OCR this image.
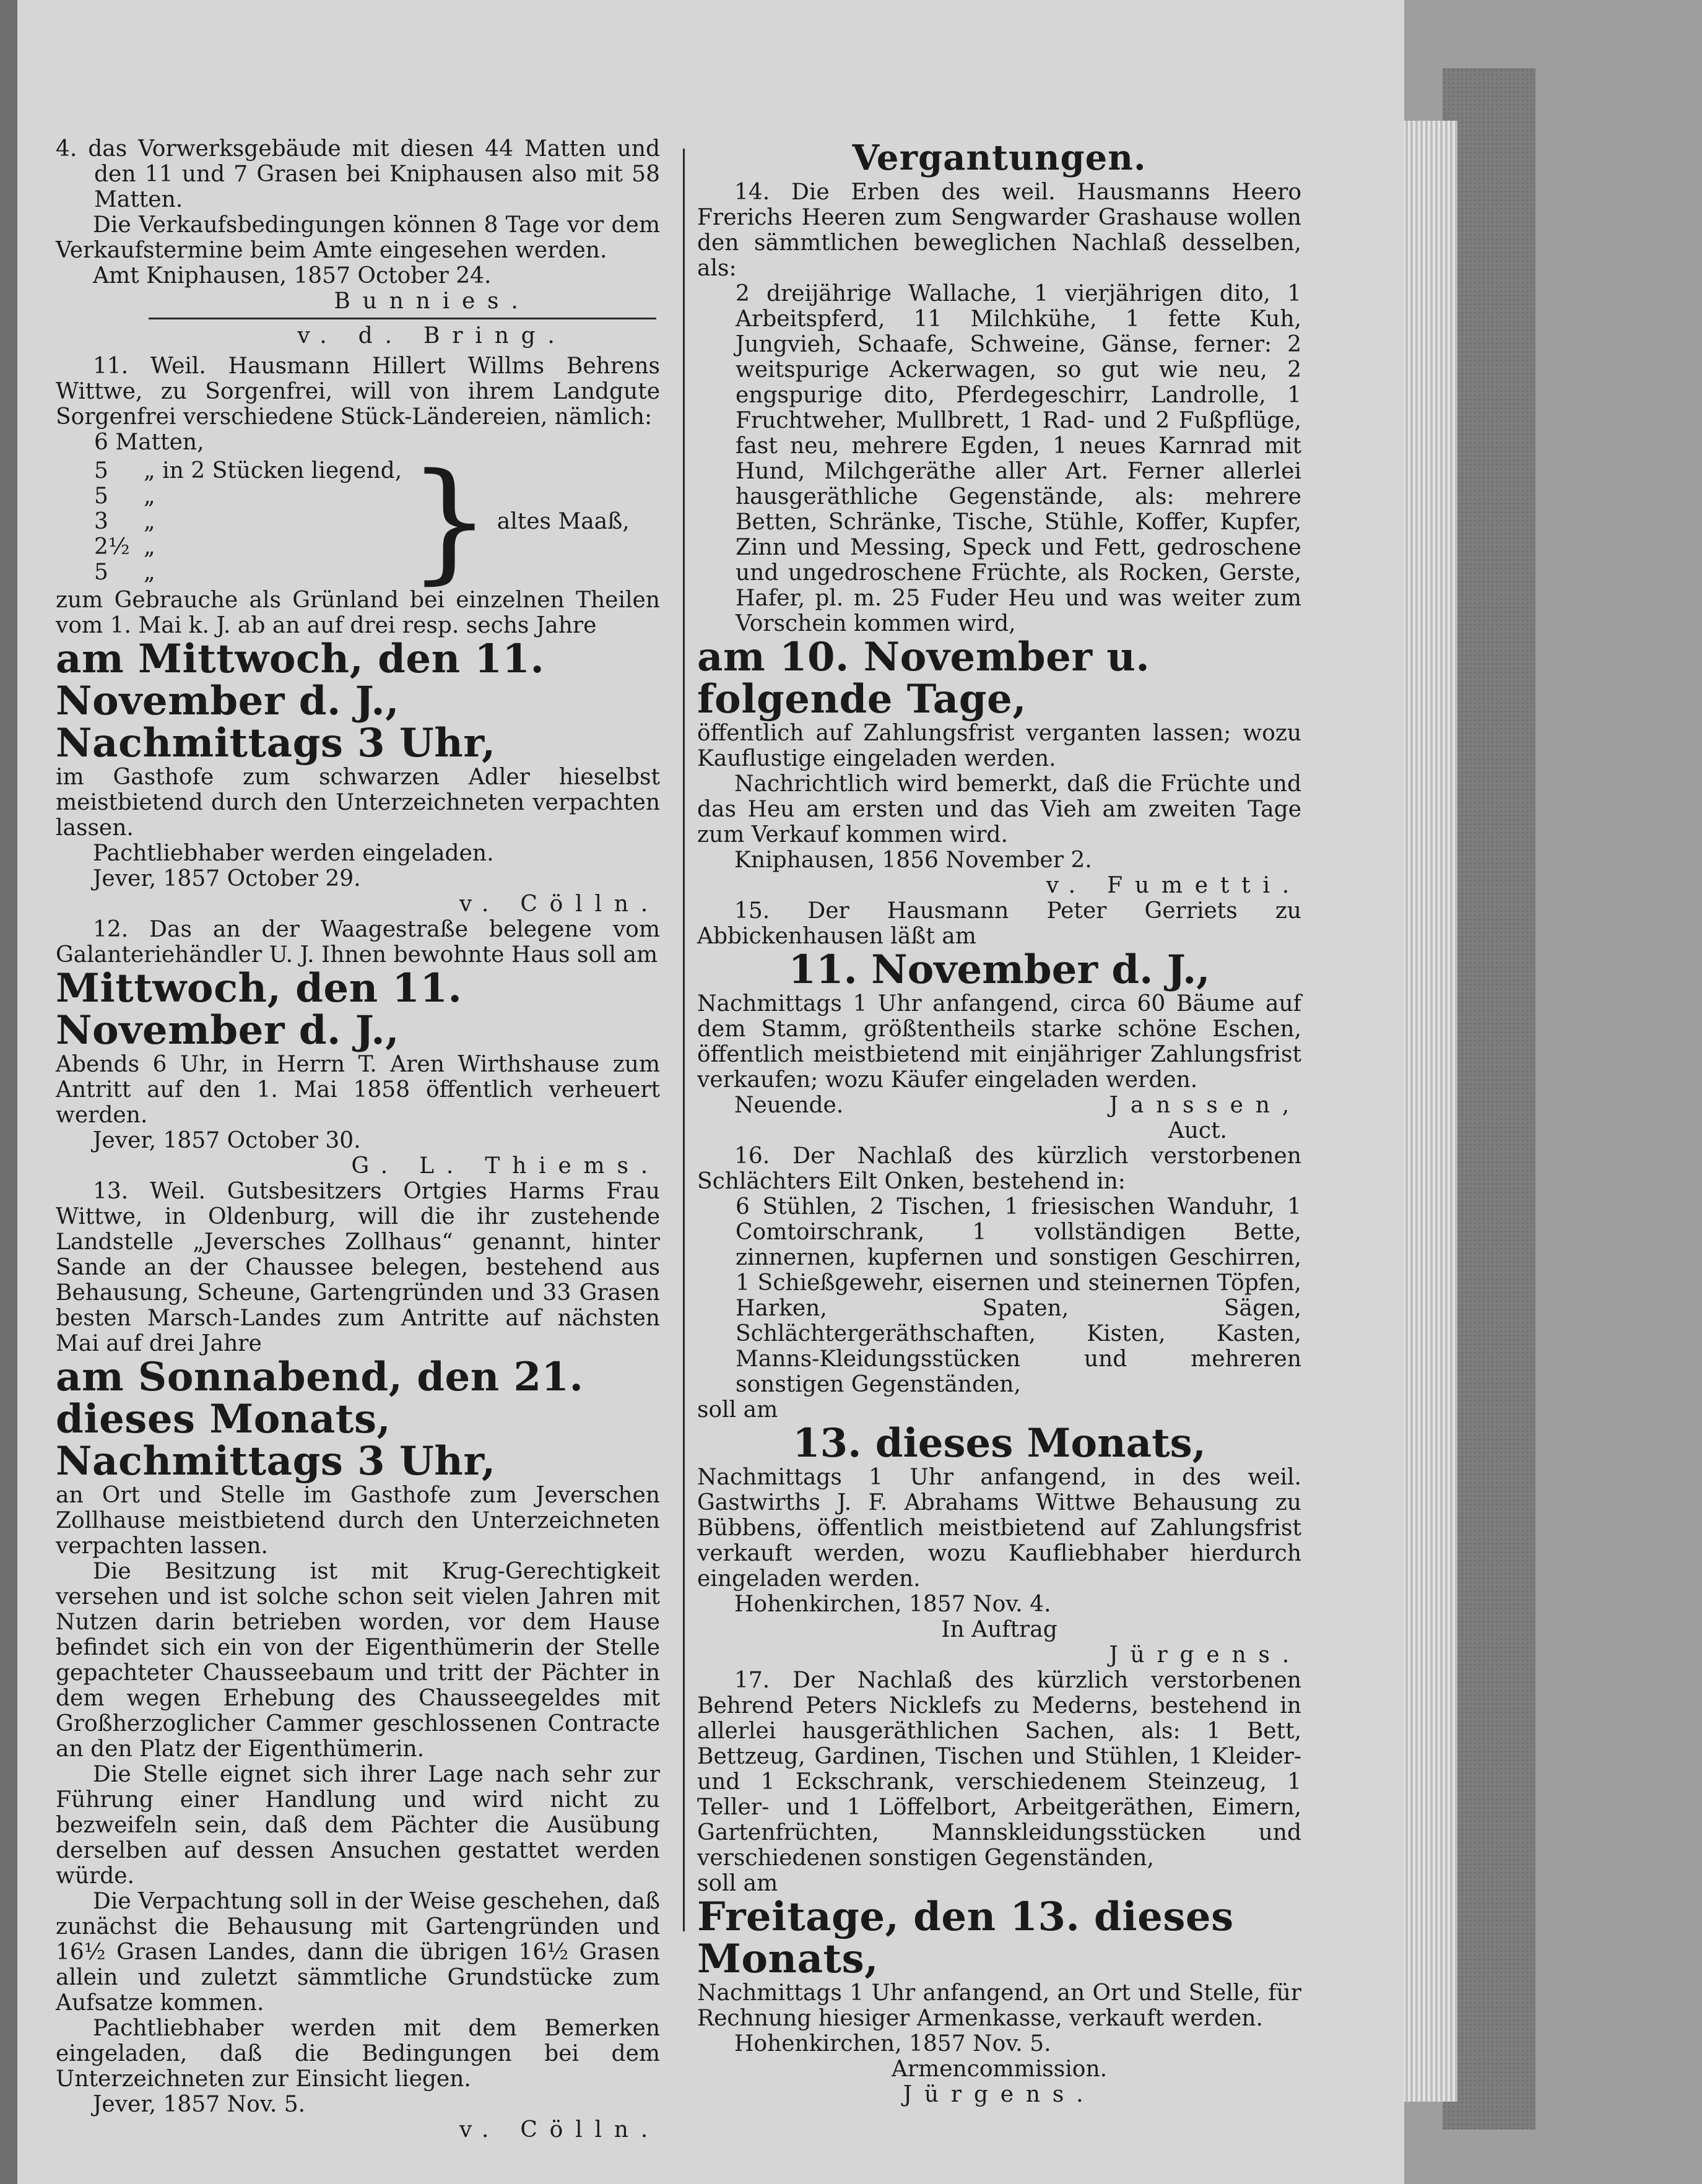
4. das Vorwerksgebäude mit diesen 44 Matten und den 11 und 7 Grasen bei Kniphausen also mit 58 Matten.

Die Verkaufsbedingungen können 8 Tage vor dem Verkaufstermine beim Amte eingesehen werden.

Amt Kniphausen, 1857 October 24.

Bunnies.

v. d. Bring.

11. Weil. Hausmann Hillert Willms Behrens Wittwe, zu Sorgenfrei, will von ihrem Landgute Sorgenfrei verschiedene Stück-Ländereien, nämlich:

6 Matten,

5	„ in 2 Stücken liegend,
5	„
3	„
2½ „
5	„ } altes Maaß,

zum Gebrauche als Grünland bei einzelnen Theilen vom 1. Mai k. J. ab an auf drei resp. sechs Jahre

am Mittwoch, den 11. November d. J., Nachmittags 3 Uhr,

im Gasthofe zum schwarzen Adler hieselbst meistbietend durch den Unterzeichneten verpachten lassen.

Pachtliebhaber werden eingeladen.

Jever, 1857 October 29.

v. Cölln.

12. Das an der Waagestraße belegene vom Galanteriehändler U. J. Ihnen bewohnte Haus soll am

Mittwoch, den 11. November d. J.,

Abends 6 Uhr, in Herrn T. Aren Wirthshause zum Antritt auf den 1. Mai 1858 öffentlich verheuert werden.

Jever, 1857 October 30.

G. L. Thiems.

13. Weil. Gutsbesitzers Ortgies Harms Frau Wittwe, in Oldenburg, will die ihr zustehende Landstelle „Jeversches Zollhaus“ genannt, hinter Sande an der Chaussee belegen, bestehend aus Behausung, Scheune, Gartengründen und 33 Grasen besten Marsch-Landes zum Antritte auf nächsten Mai auf drei Jahre

am Sonnabend, den 21. dieses Monats, Nachmittags 3 Uhr,

an Ort und Stelle im Gasthofe zum Jeverschen Zollhause meistbietend durch den Unterzeichneten verpachten lassen.

Die Besitzung ist mit Krug-Gerechtigkeit versehen und ist solche schon seit vielen Jahren mit Nutzen darin betrieben worden, vor dem Hause befindet sich ein von der Eigenthümerin der Stelle gepachteter Chausseebaum und tritt der Pächter in dem wegen Erhebung des Chausseegeldes mit Großherzoglicher Cammer geschlossenen Contracte an den Platz der Eigenthümerin.

Die Stelle eignet sich ihrer Lage nach sehr zur Führung einer Handlung und wird nicht zu bezweifeln sein, daß dem Pächter die Ausübung derselben auf dessen Ansuchen gestattet werden würde.

Die Verpachtung soll in der Weise geschehen, daß zunächst die Behausung mit Gartengründen und 16½ Grasen Landes, dann die übrigen 16½ Grasen allein und zuletzt sämmtliche Grundstücke zum Aufsatze kommen.

Pachtliebhaber werden mit dem Bemerken eingeladen, daß die Bedingungen bei dem Unterzeichneten zur Einsicht liegen.

Jever, 1857 Nov. 5.

v. Cölln.

Vergantungen.

14. Die Erben des weil. Hausmanns Heero Frerichs Heeren zum Sengwarder Grashause wollen den sämmtlichen beweglichen Nachlaß desselben, als:

2 dreijährige Wallache, 1 vierjährigen dito, 1 Arbeitspferd, 11 Milchkühe, 1 fette Kuh, Jungvieh, Schaafe, Schweine, Gänse, ferner: 2 weitspurige Ackerwagen, so gut wie neu, 2 engspurige dito, Pferdegeschirr, Landrolle, 1 Fruchtweher, Mullbrett, 1 Rad- und 2 Fußpflüge, fast neu, mehrere Egden, 1 neues Karnrad mit Hund, Milchgeräthe aller Art. Ferner allerlei hausgeräthliche Gegenstände, als: mehrere Betten, Schränke, Tische, Stühle, Koffer, Kupfer, Zinn und Messing, Speck und Fett, gedroschene und ungedroschene Früchte, als Rocken, Gerste, Hafer, pl. m. 25 Fuder Heu und was weiter zum Vorschein kommen wird,

am 10. November u. folgende Tage,

öffentlich auf Zahlungsfrist verganten lassen; wozu Kauflustige eingeladen werden.

Nachrichtlich wird bemerkt, daß die Früchte und das Heu am ersten und das Vieh am zweiten Tage zum Verkauf kommen wird.

Kniphausen, 1856 November 2.

v. Fumetti.

15. Der Hausmann Peter Gerriets zu Abbickenhausen läßt am

11. November d. J.,

Nachmittags 1 Uhr anfangend, circa 60 Bäume auf dem Stamm, größtentheils starke schöne Eschen, öffentlich meistbietend mit einjähriger Zahlungsfrist verkaufen; wozu Käufer eingeladen werden.

Neuende.	Janssen,

Auct.

16. Der Nachlaß des kürzlich verstorbenen Schlächters Eilt Onken, bestehend in:

6 Stühlen, 2 Tischen, 1 friesischen Wanduhr, 1 Comtoirschrank, 1 vollständigen Bette, zinnernen, kupfernen und sonstigen Geschirren, 1 Schießgewehr, eisernen und steinernen Töpfen, Harken, Spaten, Sägen, Schlächtergeräthschaften, Kisten, Kasten, Manns-Kleidungsstücken und mehreren sonstigen Gegenständen,

soll am

13. dieses Monats,

Nachmittags 1 Uhr anfangend, in des weil. Gastwirths J. F. Abrahams Wittwe Behausung zu Bübbens, öffentlich meistbietend auf Zahlungsfrist verkauft werden, wozu Kaufliebhaber hierdurch eingeladen werden.

Hohenkirchen, 1857 Nov. 4.

In Auftrag

Jürgens.

17. Der Nachlaß des kürzlich verstorbenen Behrend Peters Nicklefs zu Mederns, bestehend in allerlei hausgeräthlichen Sachen, als: 1 Bett, Bettzeug, Gardinen, Tischen und Stühlen, 1 Kleider- und 1 Eckschrank, verschiedenem Steinzeug, 1 Teller- und 1 Löffelbort, Arbeitgeräthen, Eimern, Gartenfrüchten, Mannskleidungsstücken und verschiedenen sonstigen Gegenständen,

soll am

Freitage, den 13. dieses Monats,

Nachmittags 1 Uhr anfangend, an Ort und Stelle, für Rechnung hiesiger Armenkasse, verkauft werden.

Hohenkirchen, 1857 Nov. 5.

Armencommission.

Jürgens.
